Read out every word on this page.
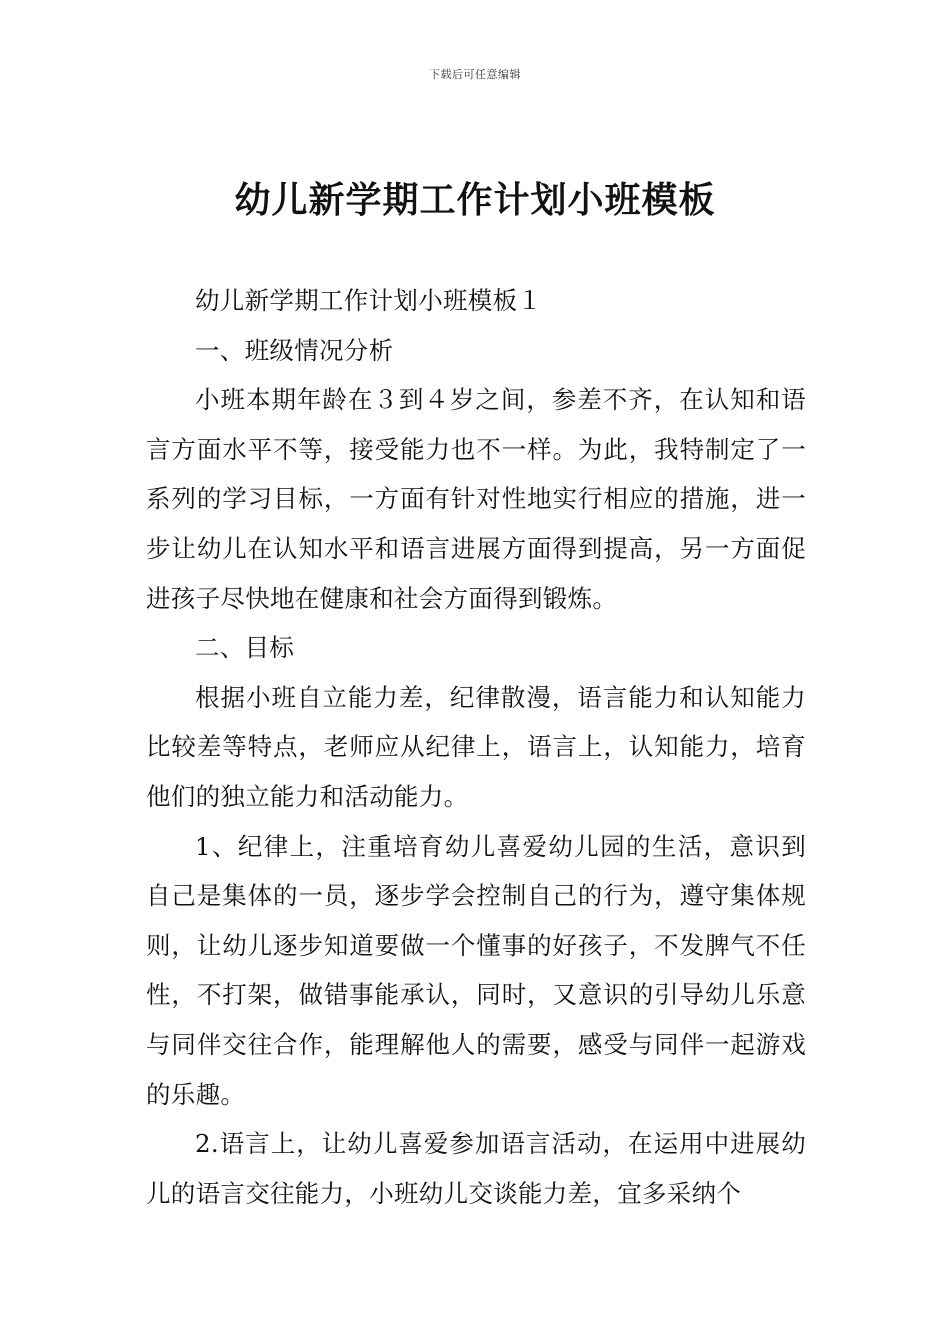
下载后可任意编辑
幼儿新学期工作计划小班模板

幼儿新学期工作计划小班模板１

一、班级情况分析

小班本期年龄在３到４岁之间，参差不齐，在认知和语言方面水平不等，接受能力也不一样。为此，我特制定了一系列的学习目标，一方面有针对性地实行相应的措施，进一步让幼儿在认知水平和语言进展方面得到提高，另一方面促进孩子尽快地在健康和社会方面得到锻炼。

二、目标

根据小班自立能力差，纪律散漫，语言能力和认知能力比较差等特点，老师应从纪律上，语言上，认知能力，培育他们的独立能力和活动能力。

1、纪律上，注重培育幼儿喜爱幼儿园的生活，意识到自己是集体的一员，逐步学会控制自己的行为，遵守集体规则，让幼儿逐步知道要做一个懂事的好孩子，不发脾气不任性，不打架，做错事能承认，同时，又意识的引导幼儿乐意与同伴交往合作，能理解他人的需要，感受与同伴一起游戏的乐趣。

2.语言上，让幼儿喜爱参加语言活动，在运用中进展幼儿的语言交往能力，小班幼儿交谈能力差，宜多采纳个
